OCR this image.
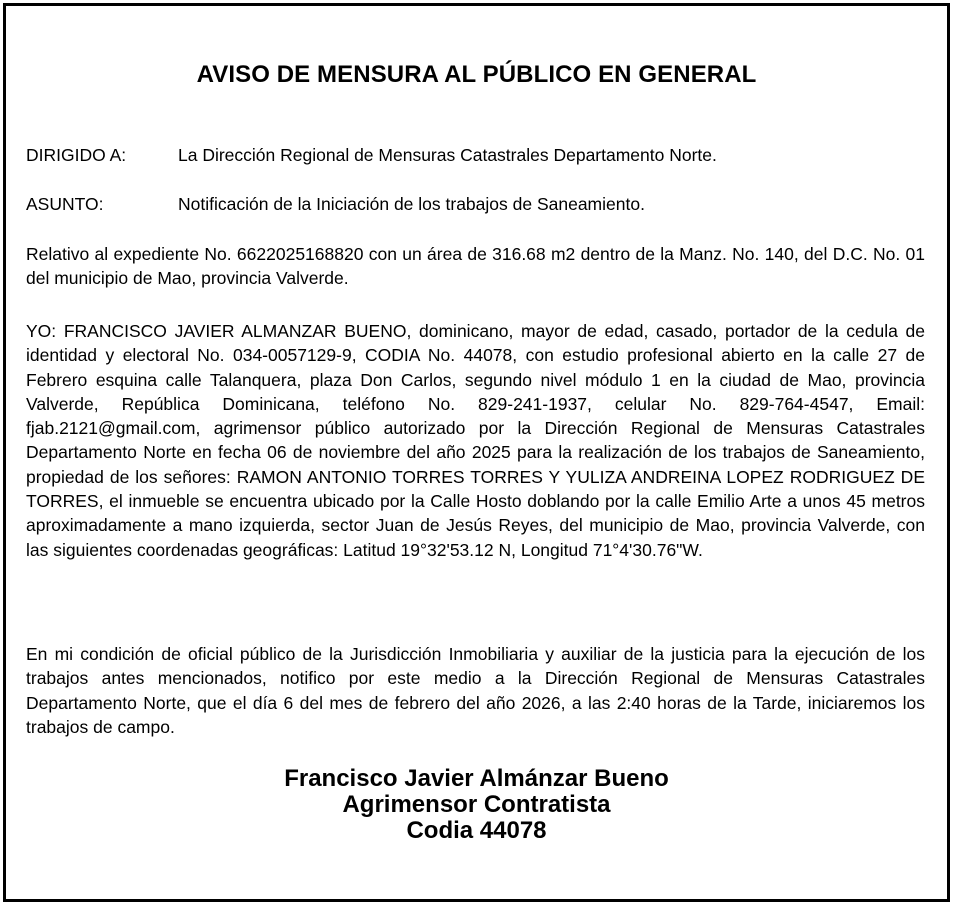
AVISO DE MENSURA AL PÚBLICO EN GENERAL
DIRIGIDO A:	La Dirección Regional de Mensuras Catastrales Departamento Norte.
ASUNTO:	Notificación de la Iniciación de los trabajos de Saneamiento.
Relativo al expediente No. 6622025168820 con un área de 316.68 m2 dentro de la Manz. No. 140, del D.C. No. 01 del municipio de Mao, provincia Valverde.
YO: FRANCISCO JAVIER ALMANZAR BUENO, dominicano, mayor de edad, casado, portador de la cedula de identidad y electoral No. 034-0057129-9, CODIA No. 44078, con estudio profesional abierto en la calle 27 de Febrero esquina calle Talanquera, plaza Don Carlos, segundo nivel módulo 1 en la ciudad de Mao, provincia Valverde, República Dominicana, teléfono No. 829-241-1937, celular No. 829-764-4547, Email: fjab.2121@gmail.com, agrimensor público autorizado por la Dirección Regional de Mensuras Catastrales Departamento Norte en fecha 06 de noviembre del año 2025 para la realización de los trabajos de Saneamiento, propiedad de los señores: RAMON ANTONIO TORRES TORRES Y YULIZA ANDREINA LOPEZ RODRIGUEZ DE TORRES, el inmueble se encuentra ubicado por la Calle Hosto doblando por la calle Emilio Arte a unos 45 metros aproximadamente a mano izquierda, sector Juan de Jesús Reyes, del municipio de Mao, provincia Valverde, con las siguientes coordenadas geográficas: Latitud 19°32'53.12 N, Longitud 71°4'30.76"W.
En mi condición de oficial público de la Jurisdicción Inmobiliaria y auxiliar de la justicia para la ejecución de los trabajos antes mencionados, notifico por este medio a la Dirección Regional de Mensuras Catastrales Departamento Norte, que el día 6 del mes de febrero del año 2026, a las 2:40 horas de la Tarde, iniciaremos los trabajos de campo.
Francisco Javier Almánzar Bueno
Agrimensor Contratista
Codia 44078
